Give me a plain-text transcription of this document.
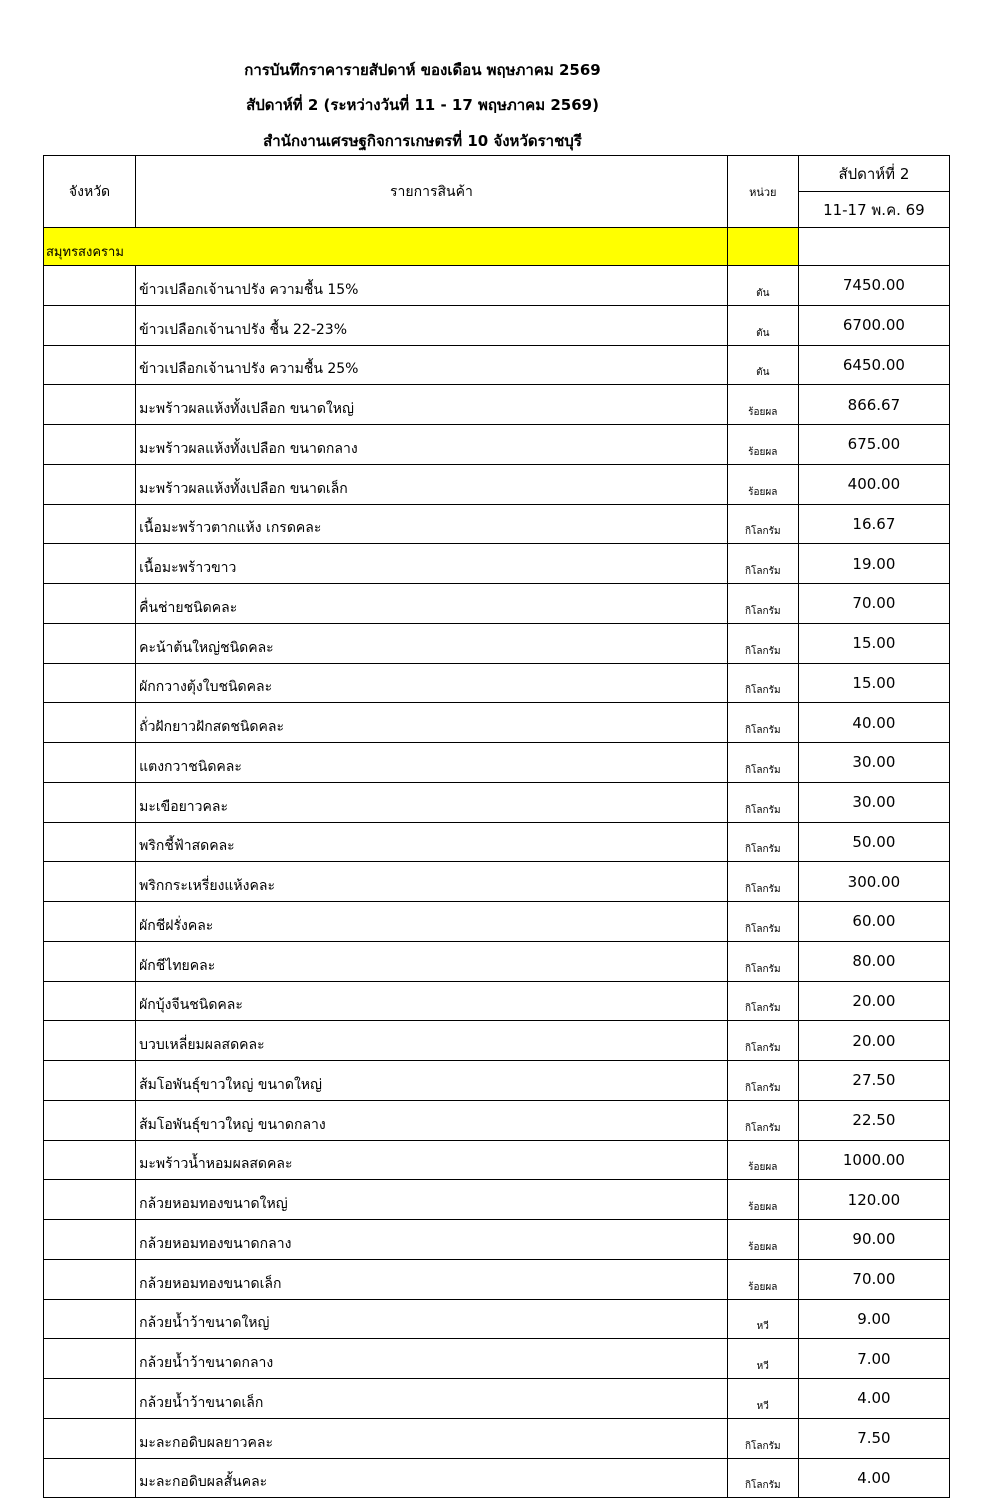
การบันทึกราคารายสัปดาห์ ของเดือน พฤษภาคม 2569
สัปดาห์ที่ 2 (ระหว่างวันที่ 11 - 17 พฤษภาคม 2569)
สำนักงานเศรษฐกิจการเกษตรที่ 10 จังหวัดราชบุรี
จังหวัด	รายการสินค้า	หน่วย	สัปดาห์ที่ 2
			11-17 พ.ค. 69
สมุทรสงคราม			
	ข้าวเปลือกเจ้านาปรัง ความชื้น 15%	ตัน	7450.00
	ข้าวเปลือกเจ้านาปรัง ชื้น 22-23%	ตัน	6700.00
	ข้าวเปลือกเจ้านาปรัง ความชื้น 25%	ตัน	6450.00
	มะพร้าวผลแห้งทั้งเปลือก ขนาดใหญ่	ร้อยผล	866.67
	มะพร้าวผลแห้งทั้งเปลือก ขนาดกลาง	ร้อยผล	675.00
	มะพร้าวผลแห้งทั้งเปลือก ขนาดเล็ก	ร้อยผล	400.00
	เนื้อมะพร้าวตากแห้ง เกรดคละ	กิโลกรัม	16.67
	เนื้อมะพร้าวขาว	กิโลกรัม	19.00
	คื่นช่ายชนิดคละ	กิโลกรัม	70.00
	คะน้าต้นใหญ่ชนิดคละ	กิโลกรัม	15.00
	ผักกวางตุ้งใบชนิดคละ	กิโลกรัม	15.00
	ถั่วฝักยาวฝักสดชนิดคละ	กิโลกรัม	40.00
	แตงกวาชนิดคละ	กิโลกรัม	30.00
	มะเขือยาวคละ	กิโลกรัม	30.00
	พริกชี้ฟ้าสดคละ	กิโลกรัม	50.00
	พริกกระเหรี่ยงแห้งคละ	กิโลกรัม	300.00
	ผักชีฝรั่งคละ	กิโลกรัม	60.00
	ผักชีไทยคละ	กิโลกรัม	80.00
	ผักบุ้งจีนชนิดคละ	กิโลกรัม	20.00
	บวบเหลี่ยมผลสดคละ	กิโลกรัม	20.00
	ส้มโอพันธุ์ขาวใหญ่ ขนาดใหญ่	กิโลกรัม	27.50
	ส้มโอพันธุ์ขาวใหญ่ ขนาดกลาง	กิโลกรัม	22.50
	มะพร้าวน้ำหอมผลสดคละ	ร้อยผล	1000.00
	กล้วยหอมทองขนาดใหญ่	ร้อยผล	120.00
	กล้วยหอมทองขนาดกลาง	ร้อยผล	90.00
	กล้วยหอมทองขนาดเล็ก	ร้อยผล	70.00
	กล้วยน้ำว้าขนาดใหญ่	หวี	9.00
	กล้วยน้ำว้าขนาดกลาง	หวี	7.00
	กล้วยน้ำว้าขนาดเล็ก	หวี	4.00
	มะละกอดิบผลยาวคละ	กิโลกรัม	7.50
	มะละกอดิบผลสั้นคละ	กิโลกรัม	4.00
